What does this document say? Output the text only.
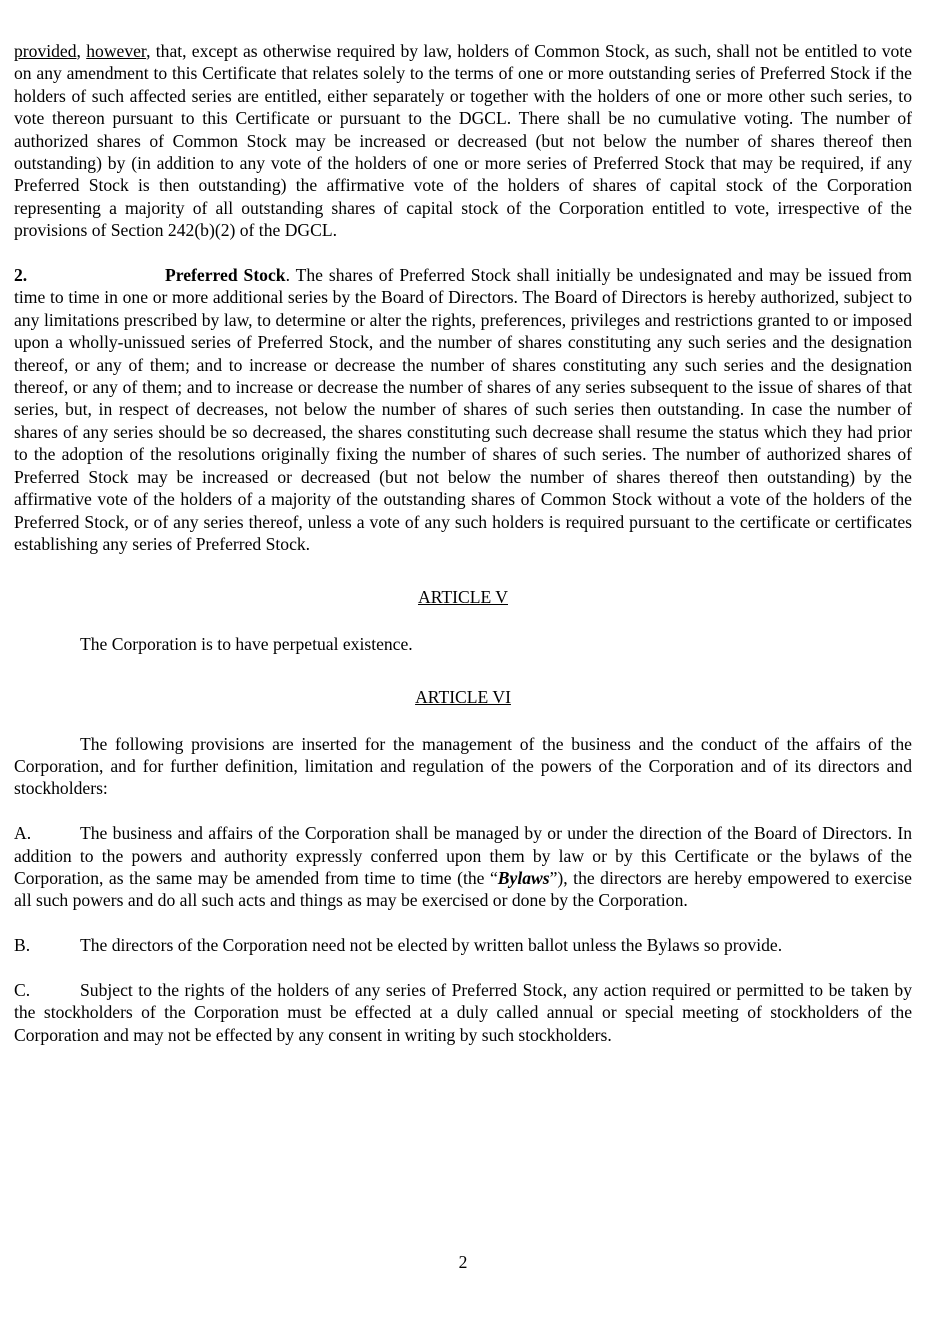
provided, however, that, except as otherwise required by law, holders of Common Stock, as such, shall not be entitled to vote on any amendment to this Certificate that relates solely to the terms of one or more outstanding series of Preferred Stock if the holders of such affected series are entitled, either separately or together with the holders of one or more other such series, to vote thereon pursuant to this Certificate or pursuant to the DGCL. There shall be no cumulative voting. The number of authorized shares of Common Stock may be increased or decreased (but not below the number of shares thereof then outstanding) by (in addition to any vote of the holders of one or more series of Preferred Stock that may be required, if any Preferred Stock is then outstanding) the affirmative vote of the holders of shares of capital stock of the Corporation representing a majority of all outstanding shares of capital stock of the Corporation entitled to vote, irrespective of the provisions of Section 242(b)(2) of the DGCL.

2.	Preferred Stock. The shares of Preferred Stock shall initially be undesignated and may be issued from time to time in one or more additional series by the Board of Directors. The Board of Directors is hereby authorized, subject to any limitations prescribed by law, to determine or alter the rights, preferences, privileges and restrictions granted to or imposed upon a wholly-unissued series of Preferred Stock, and the number of shares constituting any such series and the designation thereof, or any of them; and to increase or decrease the number of shares constituting any such series and the designation thereof, or any of them; and to increase or decrease the number of shares of any series subsequent to the issue of shares of that series, but, in respect of decreases, not below the number of shares of such series then outstanding. In case the number of shares of any series should be so decreased, the shares constituting such decrease shall resume the status which they had prior to the adoption of the resolutions originally fixing the number of shares of such series. The number of authorized shares of Preferred Stock may be increased or decreased (but not below the number of shares thereof then outstanding) by the affirmative vote of the holders of a majority of the outstanding shares of Common Stock without a vote of the holders of the Preferred Stock, or of any series thereof, unless a vote of any such holders is required pursuant to the certificate or certificates establishing any series of Preferred Stock.

ARTICLE V

The Corporation is to have perpetual existence.

ARTICLE VI

The following provisions are inserted for the management of the business and the conduct of the affairs of the Corporation, and for further definition, limitation and regulation of the powers of the Corporation and of its directors and stockholders:

A.	The business and affairs of the Corporation shall be managed by or under the direction of the Board of Directors. In addition to the powers and authority expressly conferred upon them by law or by this Certificate or the bylaws of the Corporation, as the same may be amended from time to time (the “Bylaws”), the directors are hereby empowered to exercise all such powers and do all such acts and things as may be exercised or done by the Corporation.

B.	The directors of the Corporation need not be elected by written ballot unless the Bylaws so provide.

C.	Subject to the rights of the holders of any series of Preferred Stock, any action required or permitted to be taken by the stockholders of the Corporation must be effected at a duly called annual or special meeting of stockholders of the Corporation and may not be effected by any consent in writing by such stockholders.

2
